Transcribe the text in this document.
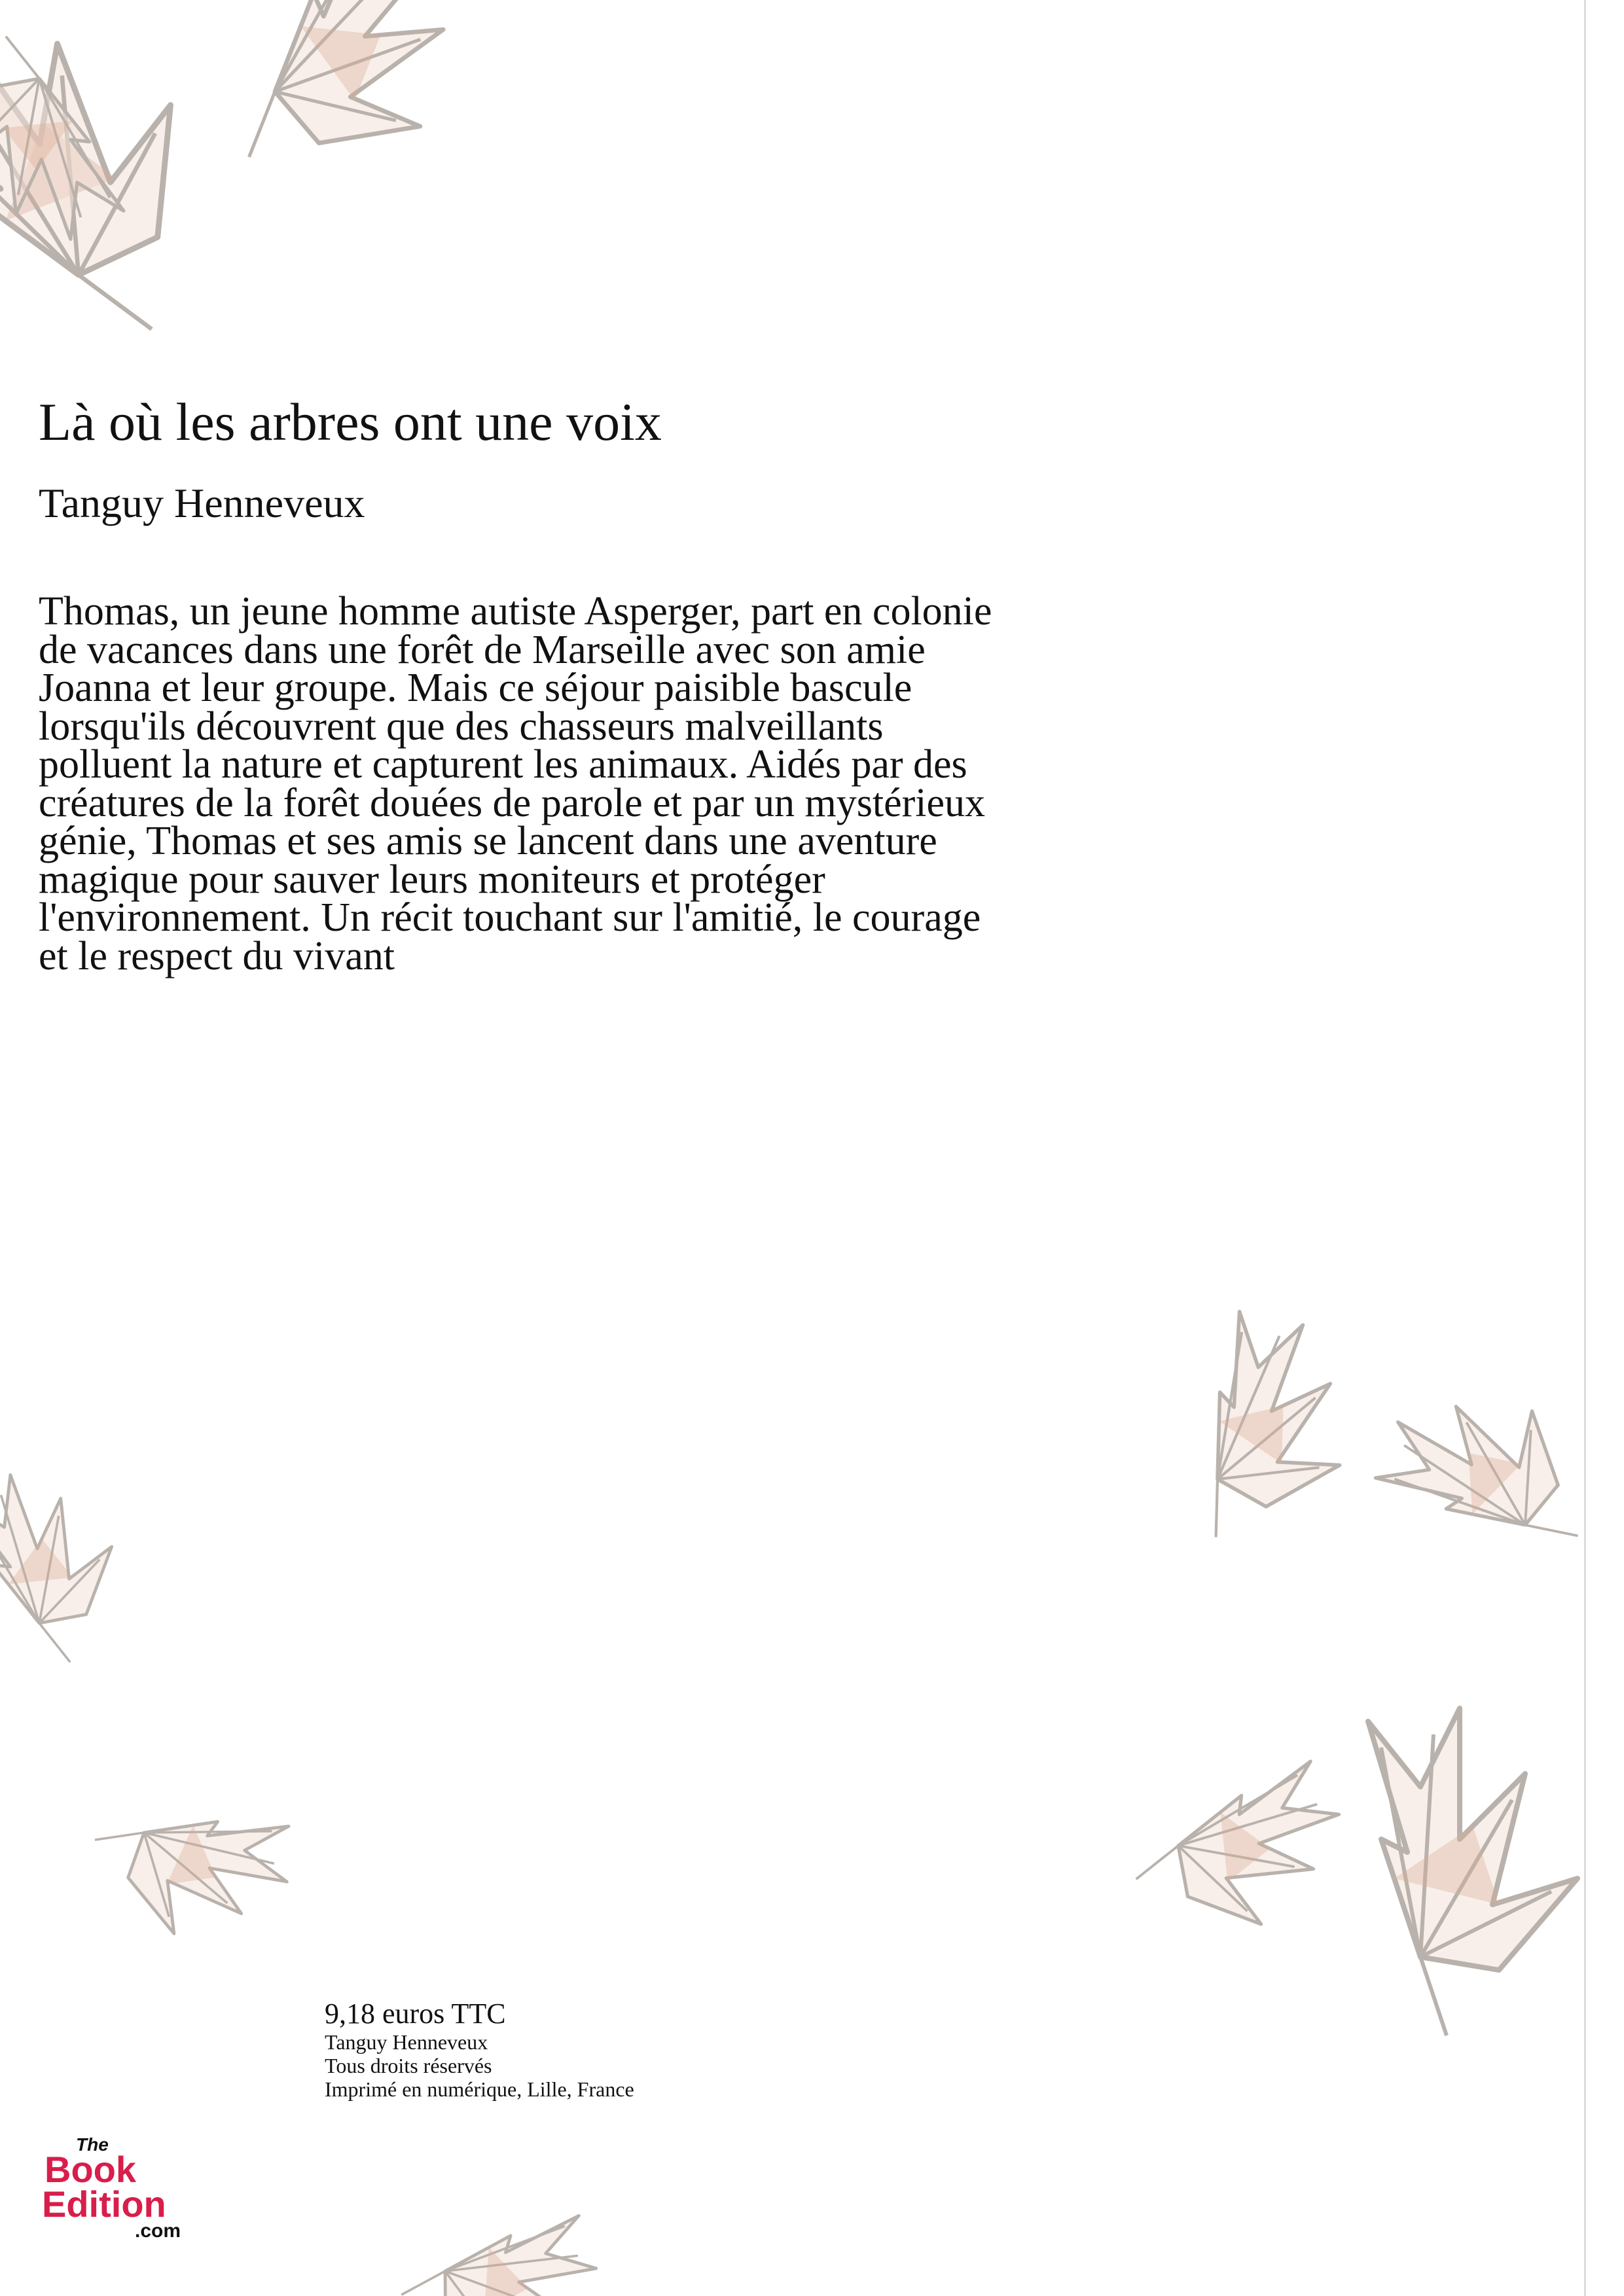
Là où les arbres ont une voix
Tanguy Henneveux
Thomas, un jeune homme autiste Asperger, part en colonie
de vacances dans une forêt de Marseille avec son amie
Joanna et leur groupe. Mais ce séjour paisible bascule
lorsqu'ils découvrent que des chasseurs malveillants
polluent la nature et capturent les animaux. Aidés par des
créatures de la forêt douées de parole et par un mystérieux
génie, Thomas et ses amis se lancent dans une aventure
magique pour sauver leurs moniteurs et protéger
l'environnement. Un récit touchant sur l'amitié, le courage
et le respect du vivant
9,18 euros TTC
Tanguy Henneveux
Tous droits réservés
Imprimé en numérique, Lille, France
The
Book
Edition
.com
